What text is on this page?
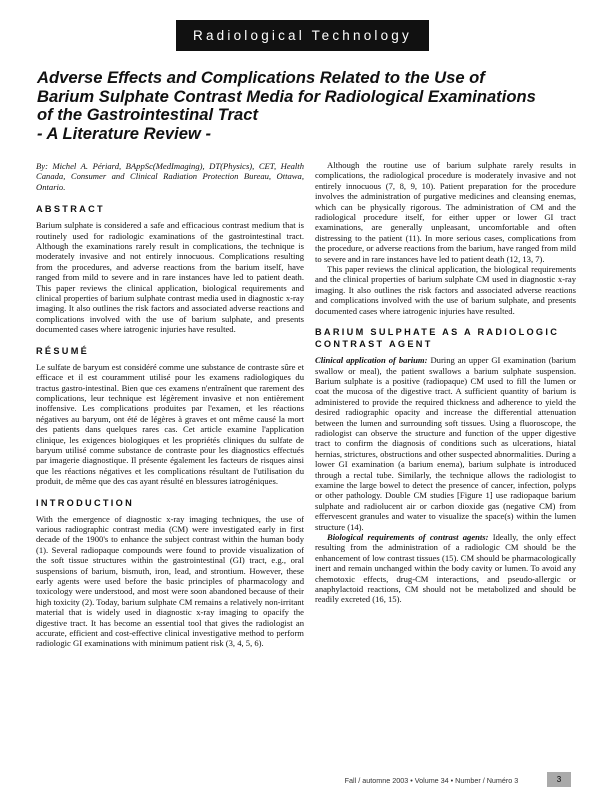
Radiological Technology
Adverse Effects and Complications Related to the Use of
Barium Sulphate Contrast Media for Radiological Examinations
of the Gastrointestinal Tract
- A Literature Review -

By: Michel A. Périard, BAppSc(MedImaging), DT(Physics), CET, Health Canada, Consumer and Clinical Radiation Protection Bureau, Ottawa, Ontario.

ABSTRACT

Barium sulphate is considered a safe and efficacious contrast medium that is routinely used for radiologic examinations of the gastrointestinal tract. Although the examinations rarely result in complications, the technique is moderately invasive and not entirely innocuous. Complications resulting from the procedures, and adverse reactions from the barium itself, have ranged from mild to severe and in rare instances have led to patient death. This paper reviews the clinical application, biological requirements and clinical properties of barium sulphate contrast media used in diagnostic x-ray imaging. It also outlines the risk factors and associated adverse reactions and complications involved with the use of barium sulphate, and presents documented cases where iatrogenic injuries have resulted.

RÉSUMÉ

Le sulfate de baryum est considéré comme une substance de contraste sûre et efficace et il est couramment utilisé pour les examens radiologiques du tractus gastro-intestinal. Bien que ces examens n'entraînent que rarement des complications, leur technique est légèrement invasive et non entièrement inoffensive. Les complications produites par l'examen, et les réactions négatives au baryum, ont été de légères à graves et ont même causé la mort des patients dans quelques rares cas. Cet article examine l'application clinique, les exigences biologiques et les propriétés cliniques du sulfate de baryum utilisé comme substance de contraste pour les diagnostics effectués par imagerie diagnostique. Il présente également les facteurs de risques ainsi que les réactions négatives et les complications résultant de l'utilisation du produit, de même que des cas ayant résulté en blessures iatrogéniques.

INTRODUCTION

With the emergence of diagnostic x-ray imaging techniques, the use of various radiographic contrast media (CM) were investigated early in first decade of the 1900's to enhance the subject contrast within the human body (1). Several radiopaque compounds were found to provide visualization of the soft tissue structures within the gastrointestinal (GI) tract, e.g., oral suspensions of barium, bismuth, iron, lead, and strontium. However, these early agents were used before the basic principles of pharmacology and toxicology were understood, and most were soon abandoned because of their high toxicity (2). Today, barium sulphate CM remains a relatively non-irritant material that is widely used in diagnostic x-ray imaging to opacify the digestive tract. It has become an essential tool that gives the radiologist an accurate, efficient and cost-effective clinical investigative method to perform radiologic GI examinations with minimum patient risk (3, 4, 5, 6).

Although the routine use of barium sulphate rarely results in complications, the radiological procedure is moderately invasive and not entirely innocuous (7, 8, 9, 10). Patient preparation for the procedure involves the administration of purgative medicines and cleansing enemas, which can be physically rigorous. The administration of CM and the radiological procedure itself, for either upper or lower GI tract examinations, are generally unpleasant, uncomfortable and often distressing to the patient (11). In more serious cases, complications from the procedure, or adverse reactions from the barium, have ranged from mild to severe and in rare instances have led to patient death (12, 13, 7).

This paper reviews the clinical application, the biological requirements and the clinical properties of barium sulphate CM used in diagnostic x-ray imaging. It also outlines the risk factors and associated adverse reactions and complications involved with the use of barium sulphate, and presents documented cases where iatrogenic injuries have resulted.

BARIUM SULPHATE AS A RADIOLOGIC CONTRAST AGENT

Clinical application of barium: During an upper GI examination (barium swallow or meal), the patient swallows a barium sulphate suspension. Barium sulphate is a positive (radiopaque) CM used to fill the lumen or coat the mucosa of the digestive tract. A sufficient quantity of barium is administered to provide the required thickness and adherence to yield the desired radiographic opacity and increase the differential attenuation between the lumen and surrounding soft tissues. Using a fluoroscope, the radiologist can observe the structure and function of the upper digestive tract to confirm the diagnosis of conditions such as ulcerations, hiatal hernias, strictures, obstructions and other suspected abnormalities. During a lower GI examination (a barium enema), barium sulphate is introduced through a rectal tube. Similarly, the technique allows the radiologist to examine the large bowel to detect the presence of cancer, infection, polyps or other pathology. Double CM studies [Figure 1] use radiopaque barium sulphate and radiolucent air or carbon dioxide gas (negative CM) from effervescent granules and water to visualize the space(s) within the lumen structure (14).

Biological requirements of contrast agents: Ideally, the only effect resulting from the administration of a radiologic CM should be the enhancement of low contrast tissues (15). CM should be pharmacologically inert and remain unchanged within the body cavity or lumen. To avoid any chemotoxic effects, drug-CM interactions, and pseudo-allergic or anaphylactoid reactions, CM should not be metabolized and should be readily excreted (16, 15).

Fall / automne 2003 • Volume 34 • Number / Numéro 3	3
